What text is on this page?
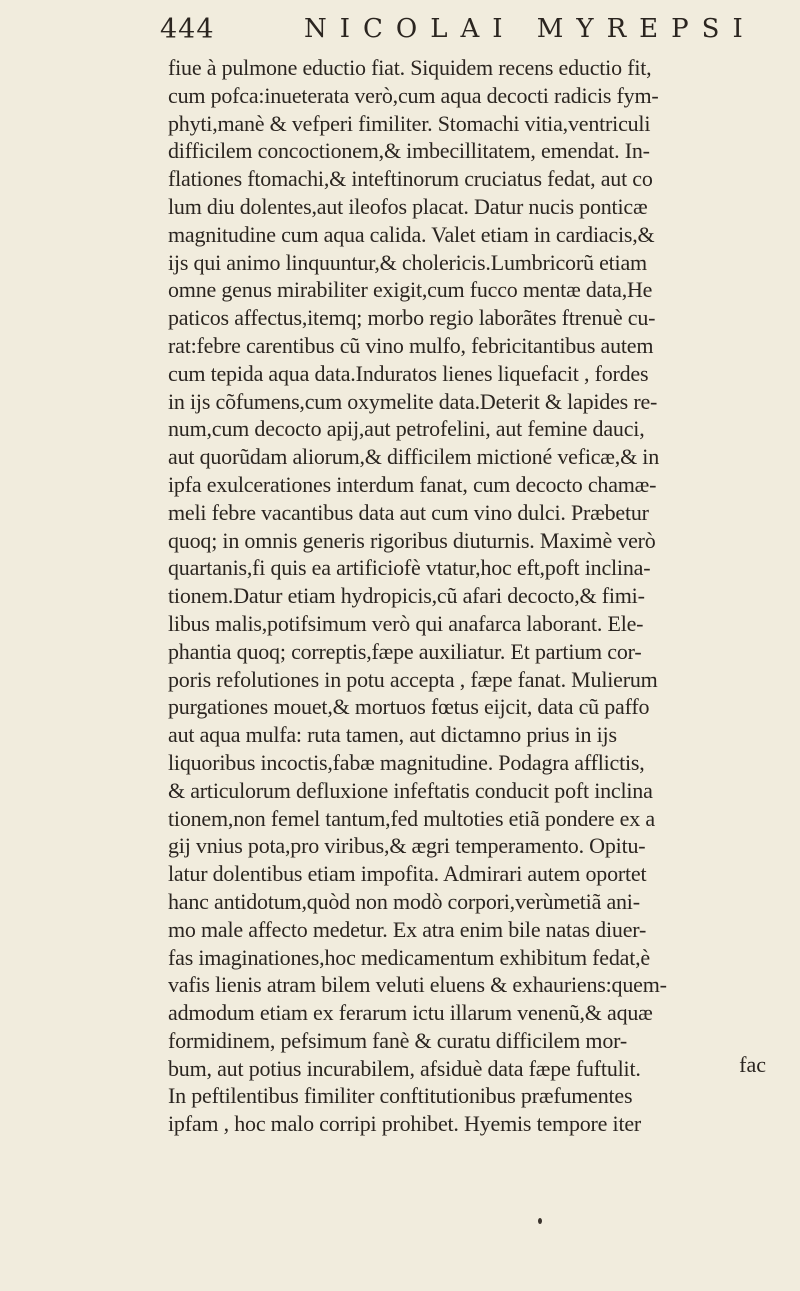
444	NICOLAI MYREPSI
fiue à pulmone eductio fiat. Siquidem recens eductio fit,
cum pofca:inueterata verò,cum aqua decocti radicis fym-
phyti,manè & vefperi fimiliter. Stomachi vitia,ventriculi
difficilem concoctionem,& imbecillitatem, emendat. In-
flationes ftomachi,& inteftinorum cruciatus fedat, aut co
lum diu dolentes,aut ileofos placat. Datur nucis ponticæ
magnitudine cum aqua calida. Valet etiam in cardiacis,&
ijs qui animo linquuntur,& cholericis.Lumbricorũ etiam
omne genus mirabiliter exigit,cum fucco mentæ data,He
paticos affectus,itemq; morbo regio laborãtes ftrenuè cu-
rat:febre carentibus cũ vino mulfo, febricitantibus autem
cum tepida aqua data.Induratos lienes liquefacit , fordes
in ijs cõfumens,cum oxymelite data.Deterit & lapides re-
num,cum decocto apij,aut petrofelini, aut femine dauci,
aut quorũdam aliorum,& difficilem mictioné veficæ,& in
ipfa exulcerationes interdum fanat, cum decocto chamæ-
meli febre vacantibus data aut cum vino dulci. Præbetur
quoq; in omnis generis rigoribus diuturnis. Maximè verò
quartanis,fi quis ea artificiofè vtatur,hoc eft,poft inclina-
tionem.Datur etiam hydropicis,cũ afari decocto,& fimi-
libus malis,potifsimum verò qui anafarca laborant. Ele-
phantia quoq; correptis,fæpe auxiliatur. Et partium cor-
poris refolutiones in potu accepta , fæpe fanat. Mulierum
purgationes mouet,& mortuos fœtus eijcit, data cũ paffo
aut aqua mulfa: ruta tamen, aut dictamno prius in ijs
liquoribus incoctis,fabæ magnitudine. Podagra afflictis,
& articulorum defluxione infeftatis conducit poft inclina
tionem,non femel tantum,fed multoties etiã pondere ex a
gij vnius pota,pro viribus,& ægri temperamento. Opitu-
latur dolentibus etiam impofita. Admirari autem oportet
hanc antidotum,quòd non modò corpori,verùmetiã ani-
mo male affecto medetur. Ex atra enim bile natas diuer-
fas imaginationes,hoc medicamentum exhibitum fedat,è
vafis lienis atram bilem veluti eluens & exhauriens:quem-
admodum etiam ex ferarum ictu illarum venenũ,& aquæ
formidinem, pefsimum fanè & curatu difficilem mor-
bum, aut potius incurabilem, afsiduè data fæpe fuftulit.
In peftilentibus fimiliter conftitutionibus præfumentes
ipfam , hoc malo corripi prohibet. Hyemis tempore iter
fac
